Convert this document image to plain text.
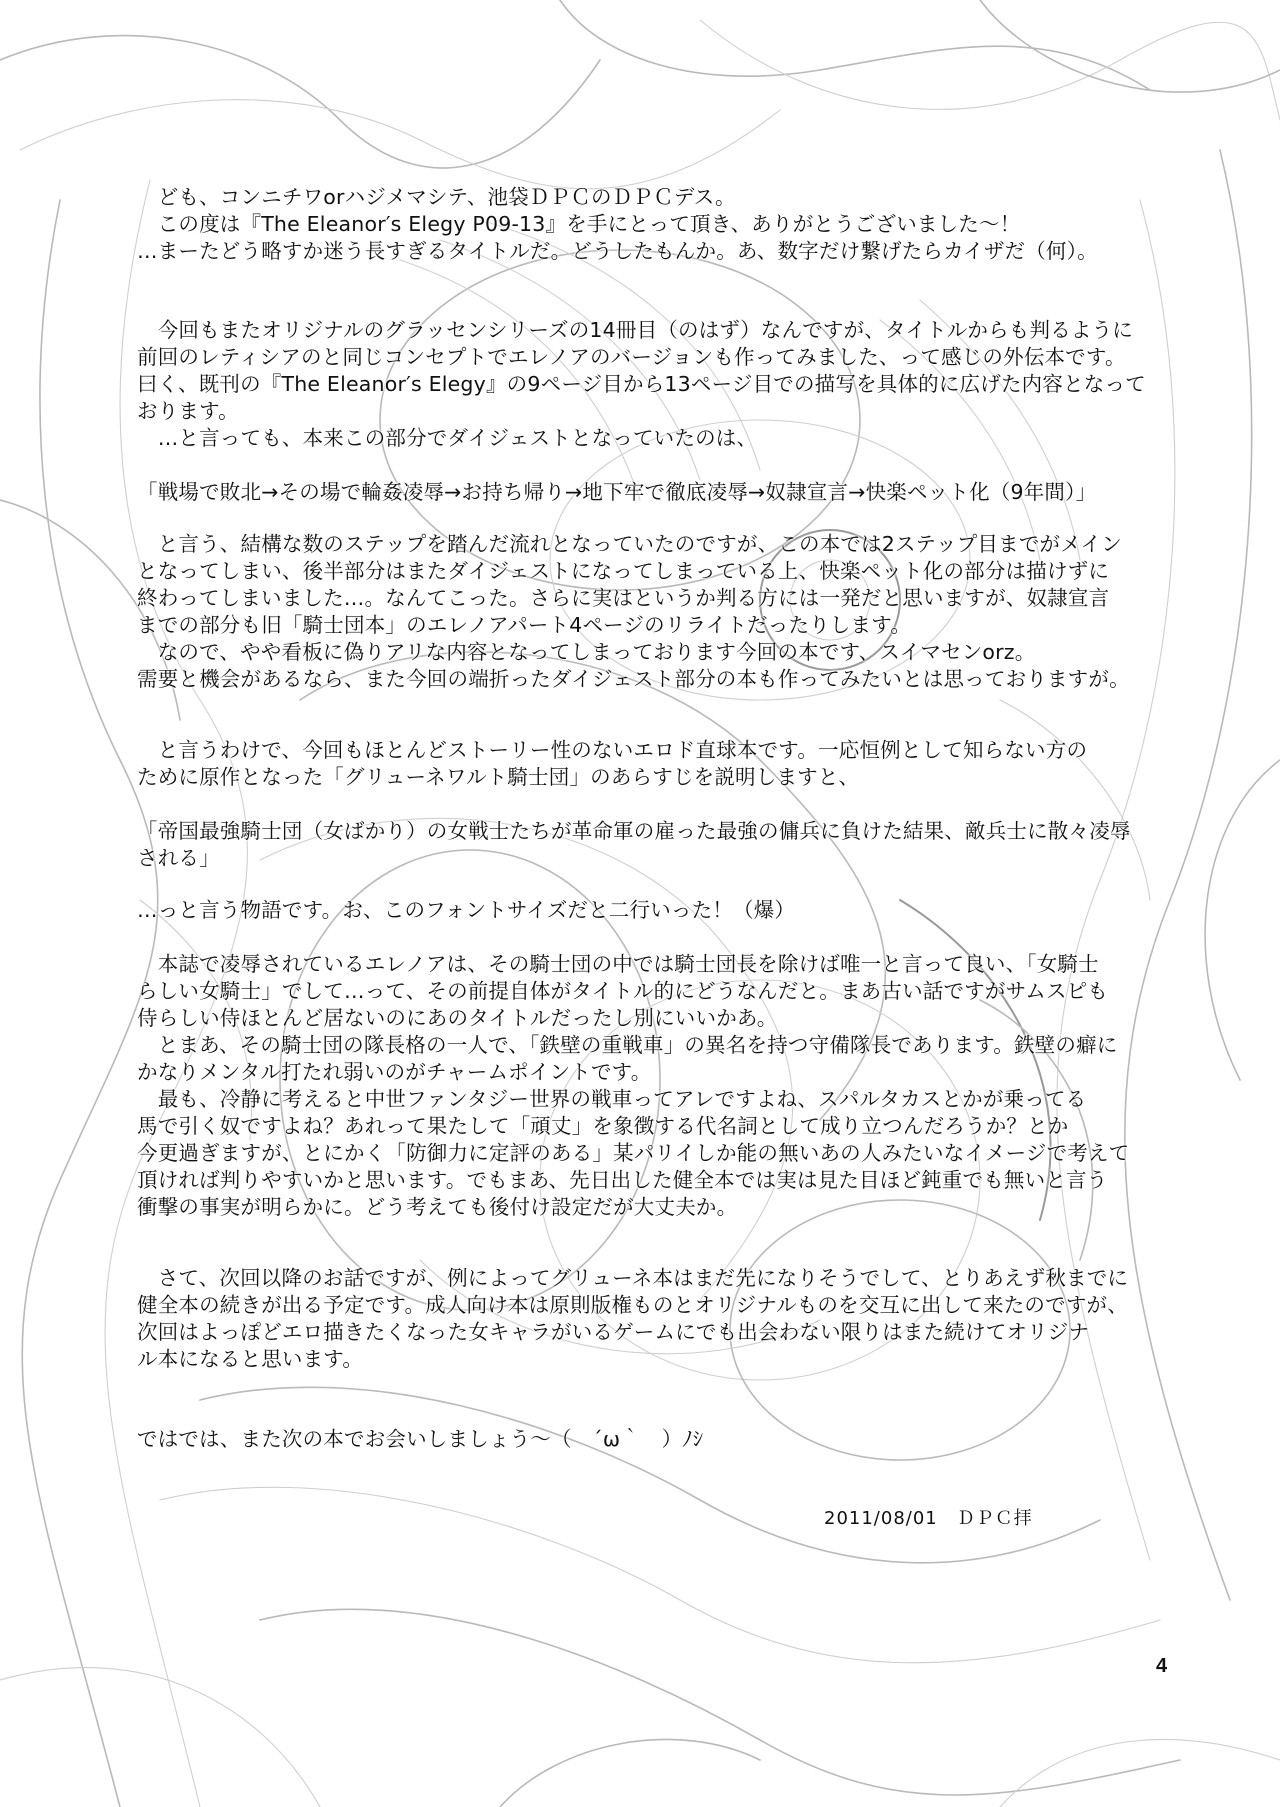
　ども、コンニチワorハジメマシテ、池袋ＤＰＣのＤＰＣデス。
　この度は『The Eleanor′s Elegy P09-13』を手にとって頂き、ありがとうございました～！
…まーたどう略すか迷う長すぎるタイトルだ。どうしたもんか。あ、数字だけ繋げたらカイザだ（何）。
　今回もまたオリジナルのグラッセンシリーズの14冊目（のはず）なんですが、タイトルからも判るように
前回のレティシアのと同じコンセプトでエレノアのバージョンも作ってみました、って感じの外伝本です。
曰く、既刊の『The Eleanor′s Elegy』の9ページ目から13ページ目での描写を具体的に広げた内容となって
おります。
　…と言っても、本来この部分でダイジェストとなっていたのは、
「戦場で敗北→その場で輪姦凌辱→お持ち帰り→地下牢で徹底凌辱→奴隷宣言→快楽ペット化（9年間）」
　と言う、結構な数のステップを踏んだ流れとなっていたのですが、この本では2ステップ目までがメイン
となってしまい、後半部分はまたダイジェストになってしまっている上、快楽ペット化の部分は描けずに
終わってしまいました…。なんてこった。さらに実はというか判る方には一発だと思いますが、奴隷宣言
までの部分も旧「騎士団本」のエレノアパート4ページのリライトだったりします。
　なので、やや看板に偽りアリな内容となってしまっております今回の本です、スイマセンorz。
需要と機会があるなら、また今回の端折ったダイジェスト部分の本も作ってみたいとは思っておりますが。
　と言うわけで、今回もほとんどストーリー性のないエロド直球本です。一応恒例として知らない方の
ために原作となった「グリューネワルト騎士団」のあらすじを説明しますと、
「帝国最強騎士団（女ばかり）の女戦士たちが革命軍の雇った最強の傭兵に負けた結果、敵兵士に散々凌辱
される」
…っと言う物語です。お、このフォントサイズだと二行いった！（爆）
　本誌で凌辱されているエレノアは、その騎士団の中では騎士団長を除けば唯一と言って良い、「女騎士
らしい女騎士」でして…って、その前提自体がタイトル的にどうなんだと。まあ古い話ですがサムスピも
侍らしい侍ほとんど居ないのにあのタイトルだったし別にいいかあ。
　とまあ、その騎士団の隊長格の一人で、「鉄壁の重戦車」の異名を持つ守備隊長であります。鉄壁の癖に
かなりメンタル打たれ弱いのがチャームポイントです。
　最も、冷静に考えると中世ファンタジー世界の戦車ってアレですよね、スパルタカスとかが乗ってる
馬で引く奴ですよね？あれって果たして「頑丈」を象徴する代名詞として成り立つんだろうか？とか
今更過ぎますが、とにかく「防御力に定評のある」某パリイしか能の無いあの人みたいなイメージで考えて
頂ければ判りやすいかと思います。でもまあ、先日出した健全本では実は見た目ほど鈍重でも無いと言う
衝撃の事実が明らかに。どう考えても後付け設定だが大丈夫か。
　さて、次回以降のお話ですが、例によってグリューネ本はまだ先になりそうでして、とりあえず秋までに
健全本の続きが出る予定です。成人向け本は原則版権ものとオリジナルものを交互に出して来たのですが、
次回はよっぽどエロ描きたくなった女キャラがいるゲームにでも出会わない限りはまた続けてオリジナ
ル本になると思います。
ではでは、また次の本でお会いしましょう～（　´ω｀　）ﾉｼ
2011/08/01　ＤＰＣ拝
4
